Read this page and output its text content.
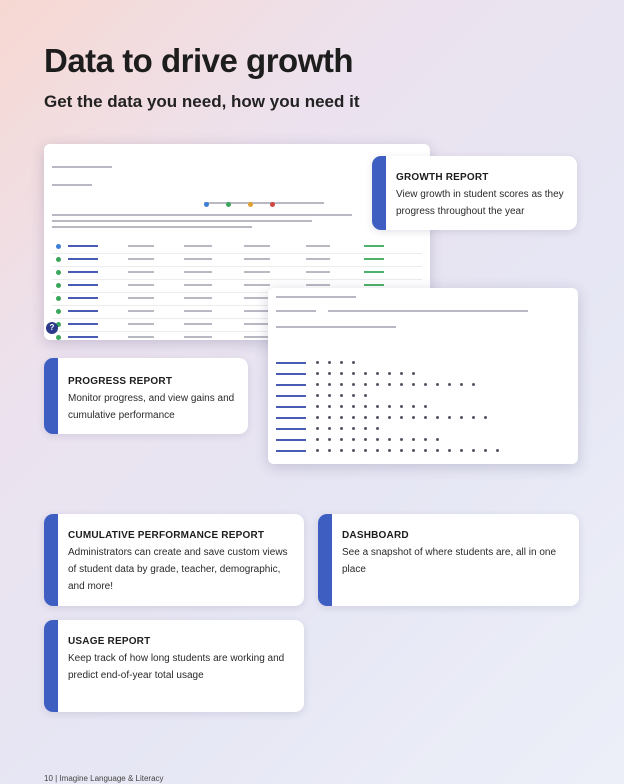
Data to drive growth
Get the data you need, how you need it
?
GROWTH REPORT
View growth in student scores as they progress throughout the year
PROGRESS REPORT
Monitor progress, and view gains and cumulative performance
CUMULATIVE PERFORMANCE REPORT
Administrators can create and save custom views of student data by grade, teacher, demographic, and more!
DASHBOARD
See a snapshot of where students are, all in one place
USAGE REPORT
Keep track of how long students are working and predict end-of-year total usage
10 | Imagine Language & Literacy
